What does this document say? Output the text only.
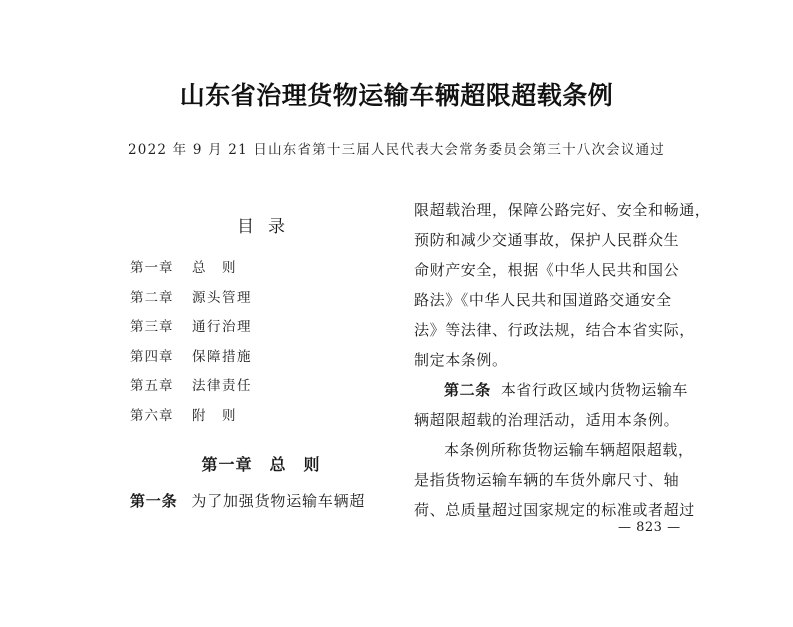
山东省治理货物运输车辆超限超载条例
2022 年 9 月 21 日山东省第十三届人民代表大会常务委员会第三十八次会议通过
目录
第一章 总　则
第二章 源头管理
第三章 通行治理
第四章 保障措施
第五章 法律责任
第六章 附　则
第一章　总　则
第一条 为了加强货物运输车辆超
限超载治理，保障公路完好、安全和畅通，
预防和减少交通事故，保护人民群众生
命财产安全，根据《中华人民共和国公
路法》《中华人民共和国道路交通安全
法》等法律、行政法规，结合本省实际，
制定本条例。
第二条 本省行政区域内货物运输车
辆超限超载的治理活动，适用本条例。
本条例所称货物运输车辆超限超载，
是指货物运输车辆的车货外廓尺寸、轴
荷、总质量超过国家规定的标准或者超过
— 823 —
